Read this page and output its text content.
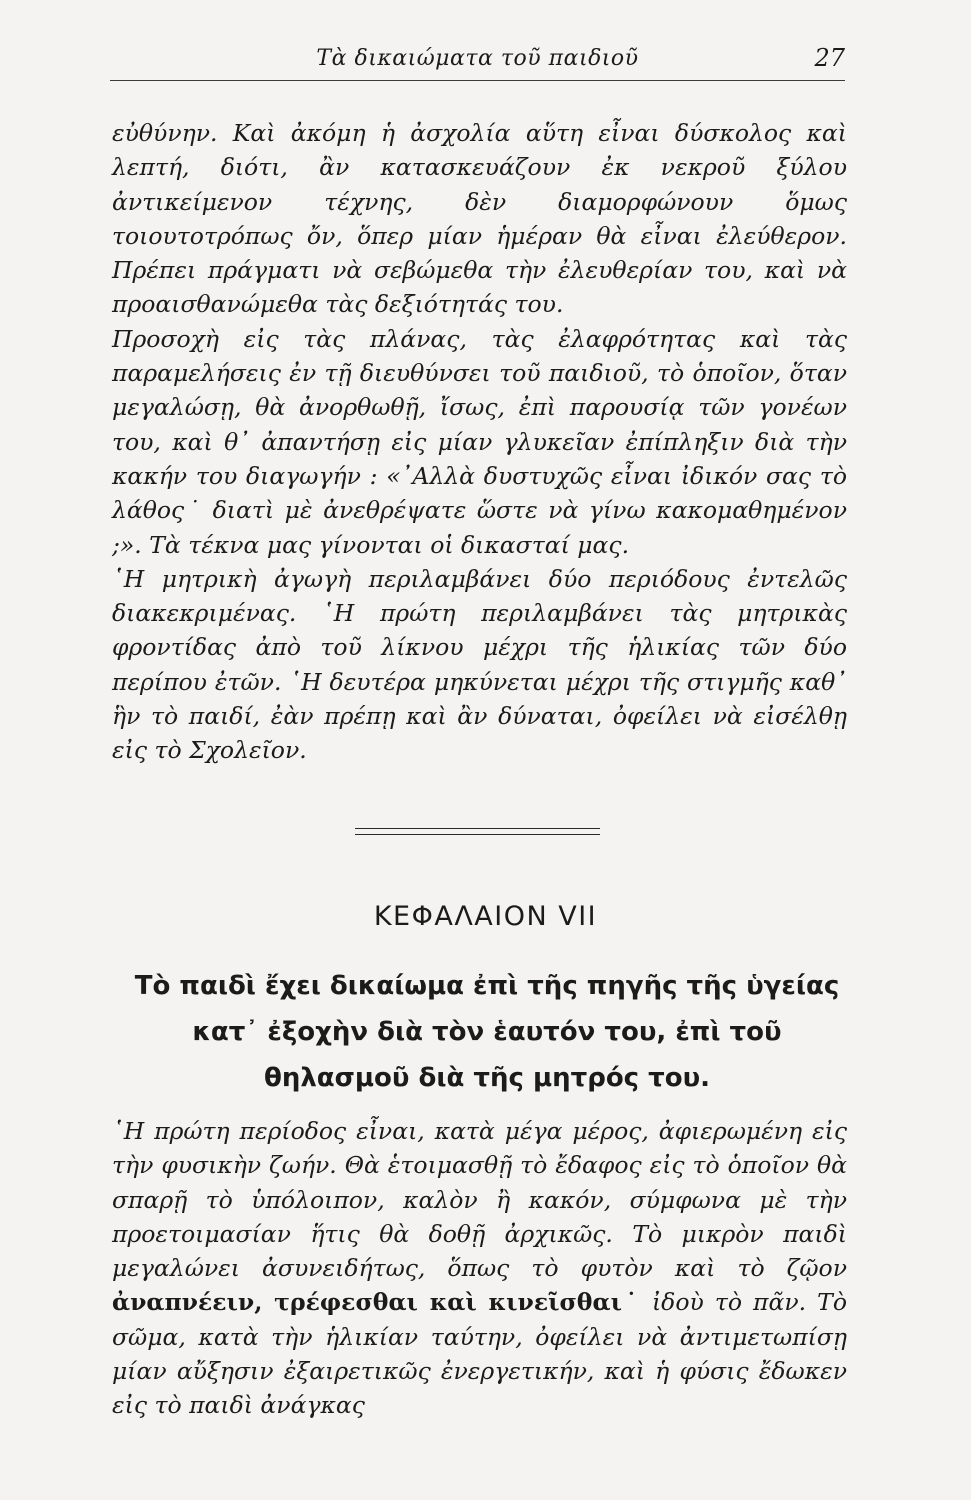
Τὰ δικαιώματα τοῦ παιδιοῦ	27

εὐθύνην. Καὶ ἀκόμη ἡ ἀσχολία αὕτη εἶναι δύσκολος καὶ λεπτή, διότι, ἂν κατασκευάζουν ἐκ νεκροῦ ξύλου ἀντικείμενον τέχνης, δὲν διαμορφώνουν ὅμως τοιουτοτρόπως ὄν, ὅπερ μίαν ἡμέραν θὰ εἶναι ἐλεύθερον. Πρέπει πράγματι νὰ σεβώμεθα τὴν ἐλευθερίαν του, καὶ νὰ προαισθανώμεθα τὰς δεξιότητάς του.

Προσοχὴ εἰς τὰς πλάνας, τὰς ἐλαφρότητας καὶ τὰς παραμελήσεις ἐν τῇ διευθύνσει τοῦ παιδιοῦ, τὸ ὁποῖον, ὅταν μεγαλώσῃ, θὰ ἀνορθωθῇ, ἴσως, ἐπὶ παρουσίᾳ τῶν γονέων του, καὶ θ᾽ ἀπαντήσῃ εἰς μίαν γλυκεῖαν ἐπίπληξιν διὰ τὴν κακήν του διαγωγήν : «᾽Αλλὰ δυστυχῶς εἶναι ἰδικόν σας τὸ λάθος˙ διατὶ μὲ ἀνεθρέψατε ὥστε νὰ γίνω κακομαθημένον ;». Τὰ τέκνα μας γίνονται οἱ δικασταί μας.

῾Η μητρικὴ ἀγωγὴ περιλαμβάνει δύο περιόδους ἐντελῶς διακεκριμένας. ῾Η πρώτη περιλαμβάνει τὰς μητρικὰς φροντίδας ἀπὸ τοῦ λίκνου μέχρι τῆς ἡλικίας τῶν δύο περίπου ἐτῶν. ῾Η δευτέρα μηκύνεται μέχρι τῆς στιγμῆς καθ᾽ ἣν τὸ παιδί, ἐὰν πρέπῃ καὶ ἂν δύναται, ὀφείλει νὰ εἰσέλθῃ εἰς τὸ Σχολεῖον.

ΚΕΦΑΛΑΙΟΝ VII
Τὸ παιδὶ ἔχει δικαίωμα ἐπὶ τῆς πηγῆς τῆς ὑγείας
κατ᾽ ἐξοχὴν διὰ τὸν ἑαυτόν του, ἐπὶ τοῦ
θηλασμοῦ διὰ τῆς μητρός του.

῾Η πρώτη περίοδος εἶναι, κατὰ μέγα μέρος, ἀφιερωμένη εἰς τὴν φυσικὴν ζωήν. Θὰ ἑτοιμασθῇ τὸ ἔδαφος εἰς τὸ ὁποῖον θὰ σπαρῇ τὸ ὑπόλοιπον, καλὸν ἢ κακόν, σύμφωνα μὲ τὴν προετοιμασίαν ἥτις θὰ δοθῇ ἀρχικῶς. Τὸ μικρὸν παιδὶ μεγαλώνει ἀσυνειδήτως, ὅπως τὸ φυτὸν καὶ τὸ ζῷον ἀναπνέειν, τρέφεσθαι καὶ κινεῖσθαι˙ ἰδοὺ τὸ πᾶν. Τὸ σῶμα, κατὰ τὴν ἡλικίαν ταύτην, ὀφείλει νὰ ἀντιμετωπίσῃ μίαν αὔξησιν ἐξαιρετικῶς ἐνεργετικήν, καὶ ἡ φύσις ἔδωκεν εἰς τὸ παιδὶ ἀνάγκας
